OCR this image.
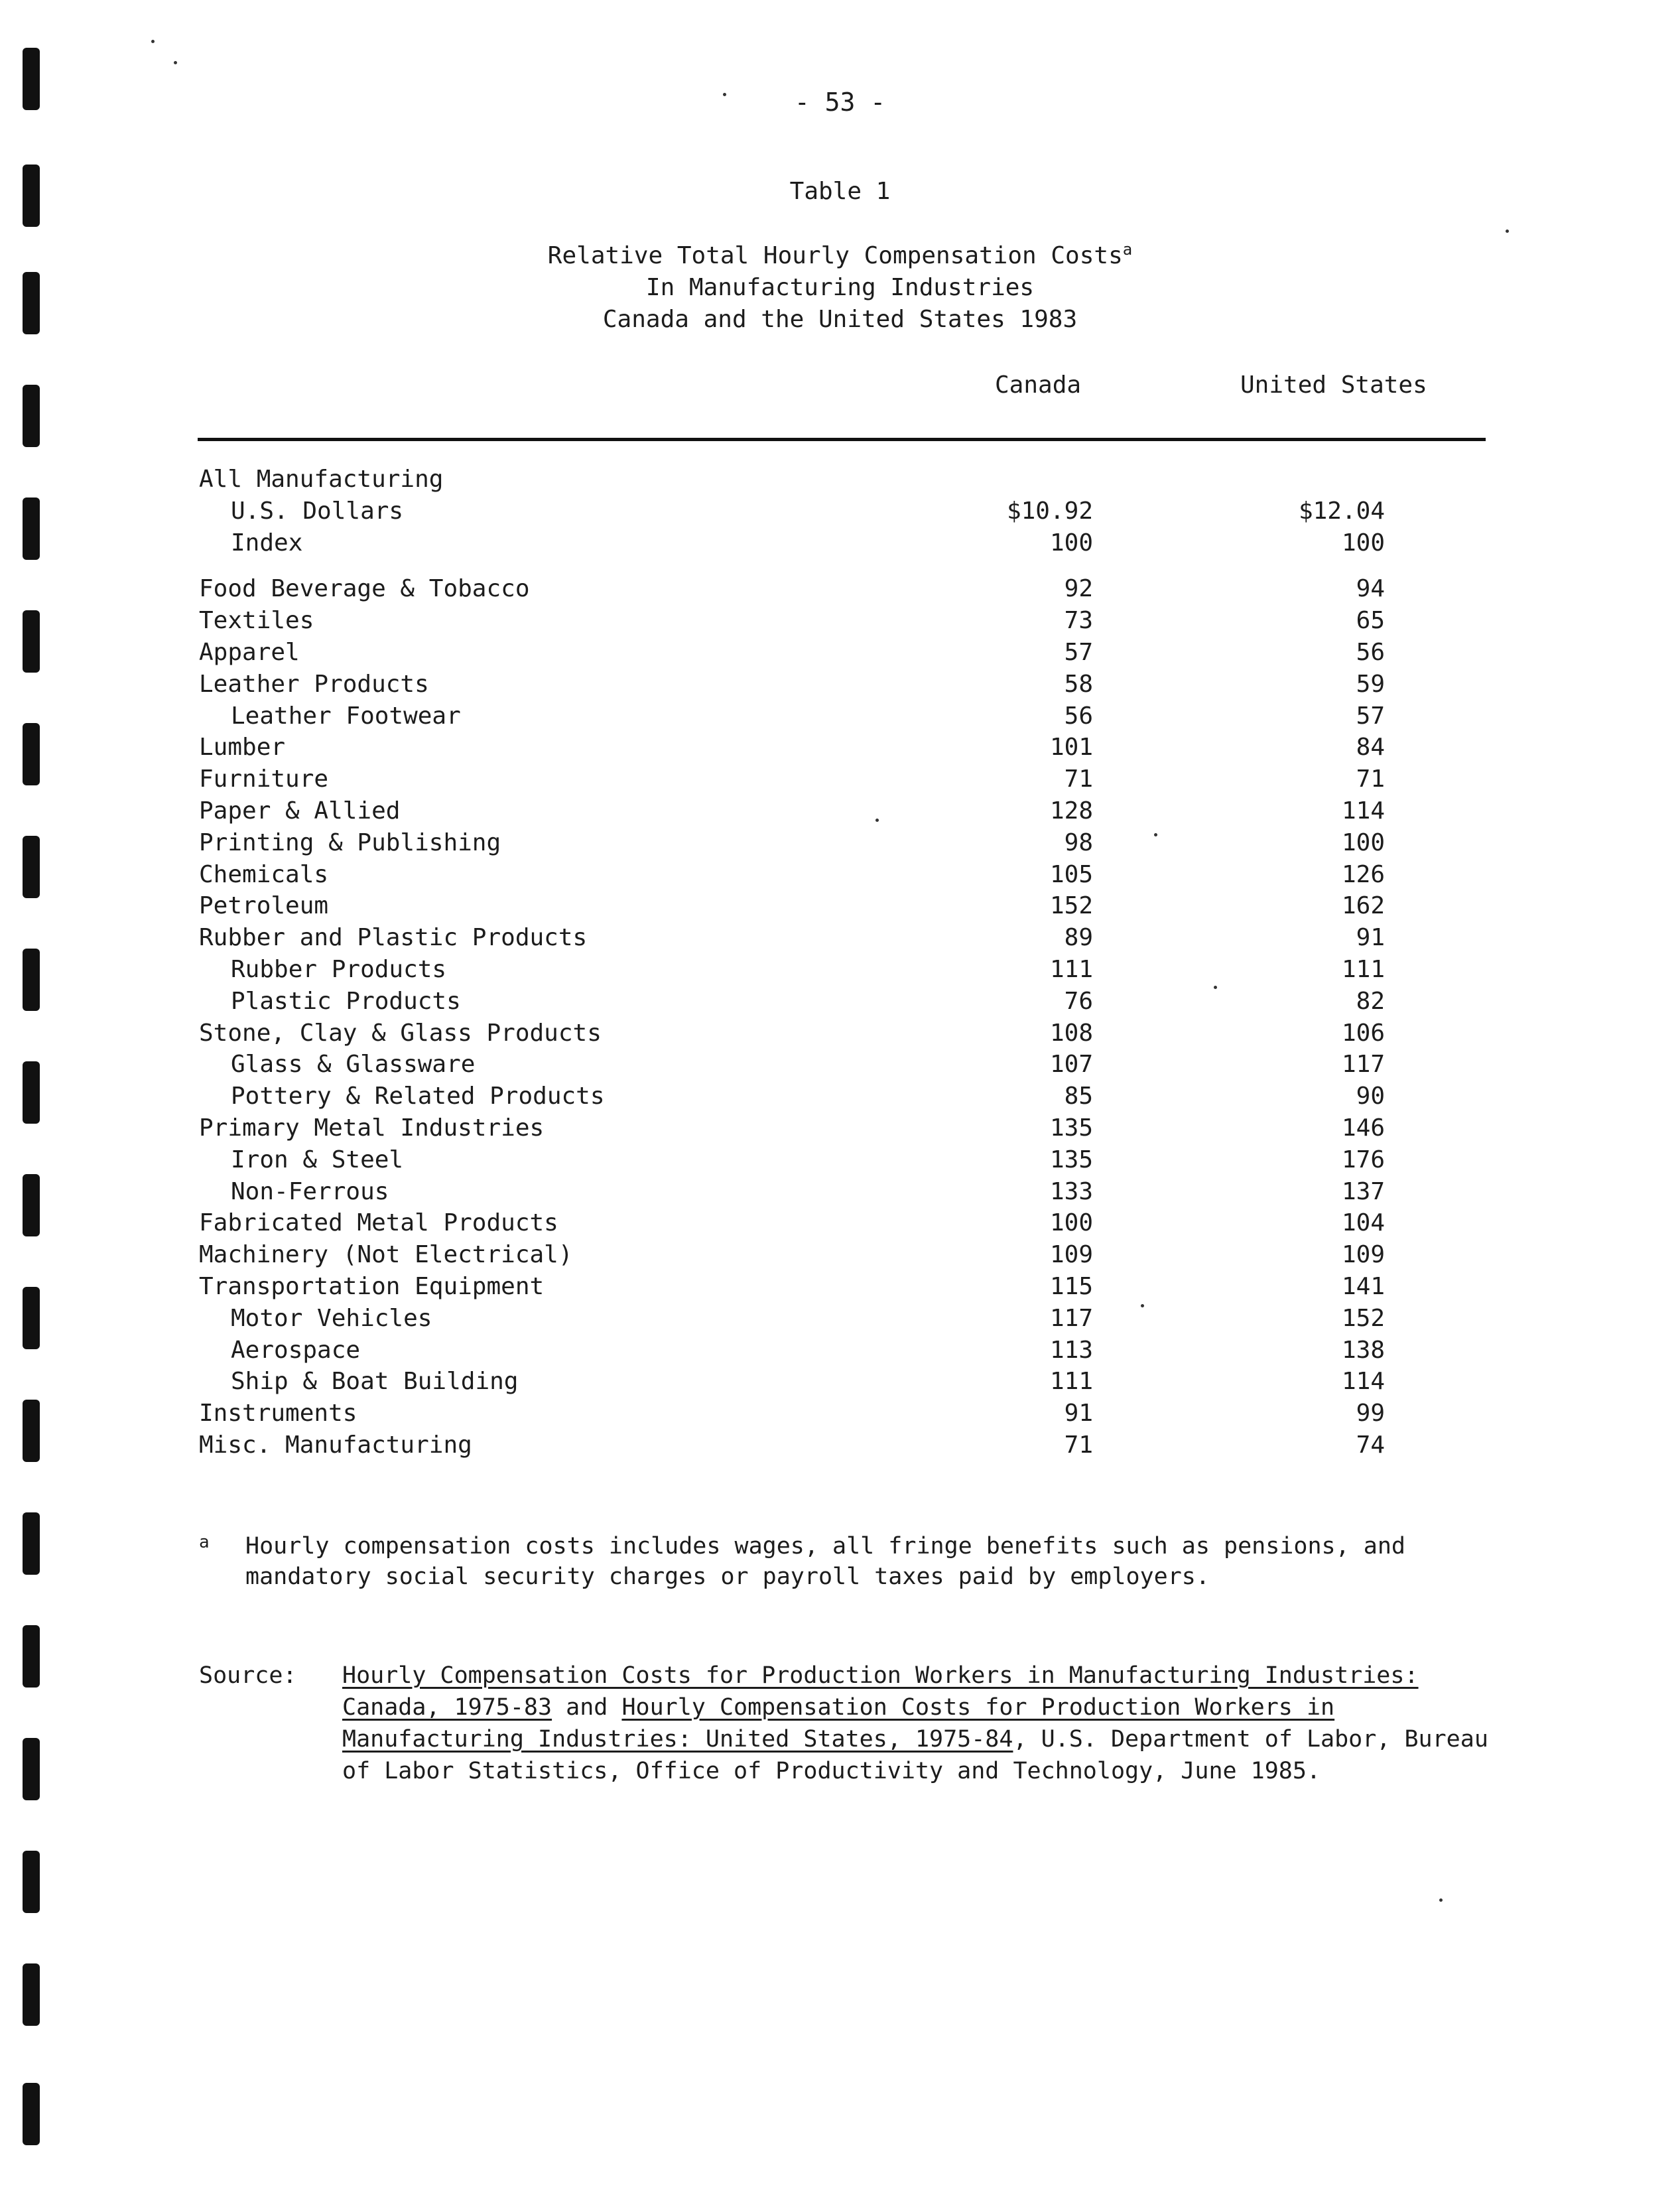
- 53 -
Table 1
Relative Total Hourly Compensation Costs$^a$
In Manufacturing Industries
Canada and the United States 1983
Canada	United States
All Manufacturing
U.S. Dollars	$10.92	$12.04
Index	100	100
Food Beverage & Tobacco	92	94
Textiles	73	65
Apparel	57	56
Leather Products	58	59
Leather Footwear	56	57
Lumber	101	84
Furniture	71	71
Paper & Allied	128	114
Printing & Publishing	98	100
Chemicals	105	126
Petroleum	152	162
Rubber and Plastic Products	89	91
Rubber Products	111	111
Plastic Products	76	82
Stone, Clay & Glass Products	108	106
Glass & Glassware	107	117
Pottery & Related Products	85	90
Primary Metal Industries	135	146
Iron & Steel	135	176
Non-Ferrous	133	137
Fabricated Metal Products	100	104
Machinery (Not Electrical)	109	109
Transportation Equipment	115	141
Motor Vehicles	117	152
Aerospace	113	138
Ship & Boat Building	111	114
Instruments	91	99
Misc. Manufacturing	71	74
a Hourly compensation costs includes wages, all fringe benefits such as pensions, and mandatory social security charges or payroll taxes paid by employers.
Source: Hourly Compensation Costs for Production Workers in Manufacturing Industries: Canada, 1975-83 and Hourly Compensation Costs for Production Workers in Manufacturing Industries: United States, 1975-84, U.S. Department of Labor, Bureau of Labor Statistics, Office of Productivity and Technology, June 1985.
